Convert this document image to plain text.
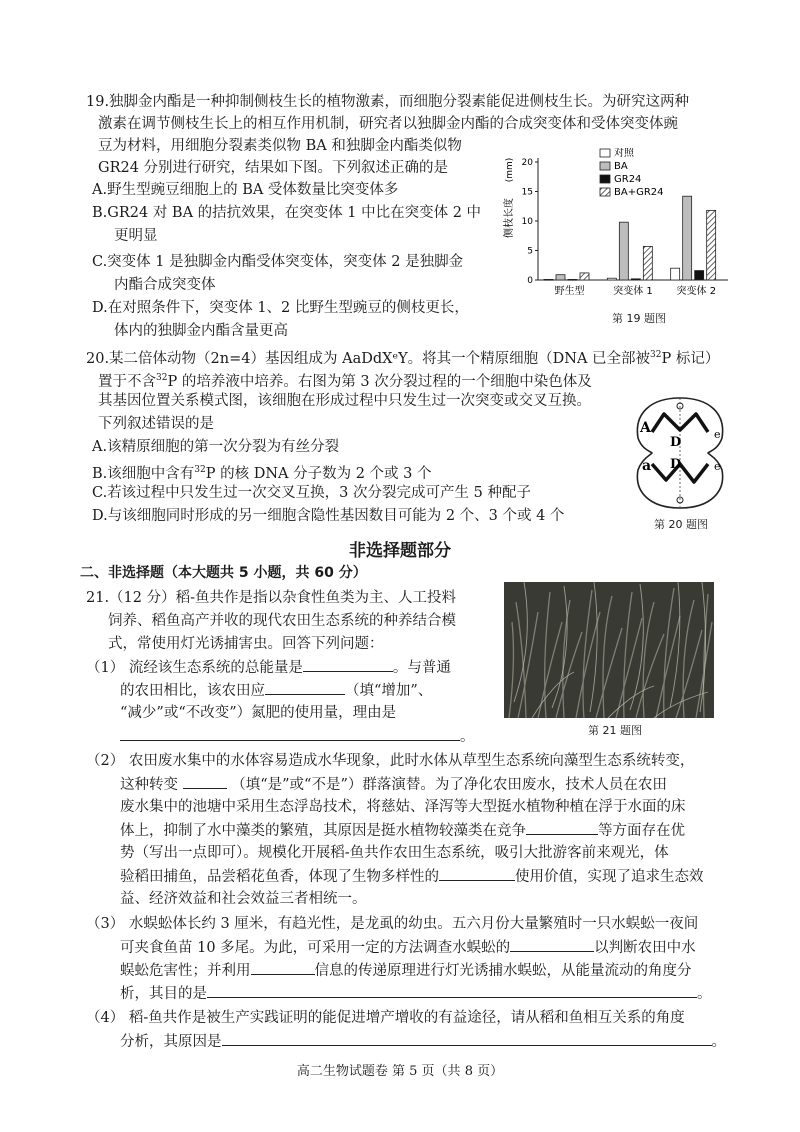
19.独脚金内酯是一种抑制侧枝生长的植物激素，而细胞分裂素能促进侧枝生长。为研究这两种
激素在调节侧枝生长上的相互作用机制，研究者以独脚金内酯的合成突变体和受体突变体豌
豆为材料，用细胞分裂素类似物 BA 和独脚金内酯类似物
GR24 分别进行研究，结果如下图。下列叙述正确的是
A.野生型豌豆细胞上的 BA 受体数量比突变体多
B.GR24 对 BA 的拮抗效果，在突变体 1 中比在突变体 2 中
更明显
C.突变体 1 是独脚金内酯受体突变体，突变体 2 是独脚金
内酯合成突变体
D.在对照条件下，突变体 1、2 比野生型豌豆的侧枝更长，
体内的独脚金内酯含量更高
0
5
10
15
20
侧枝长度
(mm)
野生型	突变体 1 突变体 2
对照
BA
GR24
BA+GR24
第 19 题图
20.某二倍体动物（2n=4）基因组成为 AaDdXᵉY。将其一个精原细胞（DNA 已全部被$^{32}$P 标记）
置于不含$^{32}$P 的培养液中培养。右图为第 3 次分裂过程的一个细胞中染色体及
其基因位置关系模式图，该细胞在形成过程中只发生过一次突变或交叉互换。
下列叙述错误的是
A.该精原细胞的第一次分裂为有丝分裂
B.该细胞中含有$^{32}$P 的核 DNA 分子数为 2 个或 3 个
C.若该过程中只发生过一次交叉互换，3 次分裂完成可产生 5 种配子
D.与该细胞同时形成的另一细胞含隐性基因数目可能为 2 个、3 个或 4 个
A
D
e
a D	e
第 20 题图
非选择题部分
二、非选择题（本大题共 5 小题，共 60 分）
21.（12 分）稻-鱼共作是指以杂食性鱼类为主、人工投料
饲养、稻鱼高产并收的现代农田生态系统的种养结合模
式，常使用灯光诱捕害虫。回答下列问题：
第 21 题图
（1） 流经该生态系统的总能量是	。与普通
的农田相比，该农田应	（填“增加”、
“减少”或“不改变”）氮肥的使用量，理由是
。
（2） 农田废水集中的水体容易造成水华现象，此时水体从草型生态系统向藻型生态系统转变，
这种转变	（填“是”或“不是”）群落演替。为了净化农田废水，技术人员在农田
废水集中的池塘中采用生态浮岛技术，将慈姑、泽泻等大型挺水植物种植在浮于水面的床
体上，抑制了水中藻类的繁殖，其原因是挺水植物较藻类在竞争	等方面存在优
势（写出一点即可）。规模化开展稻-鱼共作农田生态系统，吸引大批游客前来观光，体
验稻田捕鱼，品尝稻花鱼香，体现了生物多样性的	使用价值，实现了追求生态效
益、经济效益和社会效益三者相统一。
（3） 水蜈蚣体长约 3 厘米，有趋光性，是龙虱的幼虫。五六月份大量繁殖时一只水蜈蚣一夜间
可夹食鱼苗 10 多尾。为此，可采用一定的方法调查水蜈蚣的	以判断农田中水
蜈蚣危害性；并利用	信息的传递原理进行灯光诱捕水蜈蚣，从能量流动的角度分
析，其目的是	。
（4） 稻-鱼共作是被生产实践证明的能促进增产增收的有益途径，请从稻和鱼相互关系的角度
分析，其原因是	。
高二生物试题卷 第 5 页（共 8 页）
